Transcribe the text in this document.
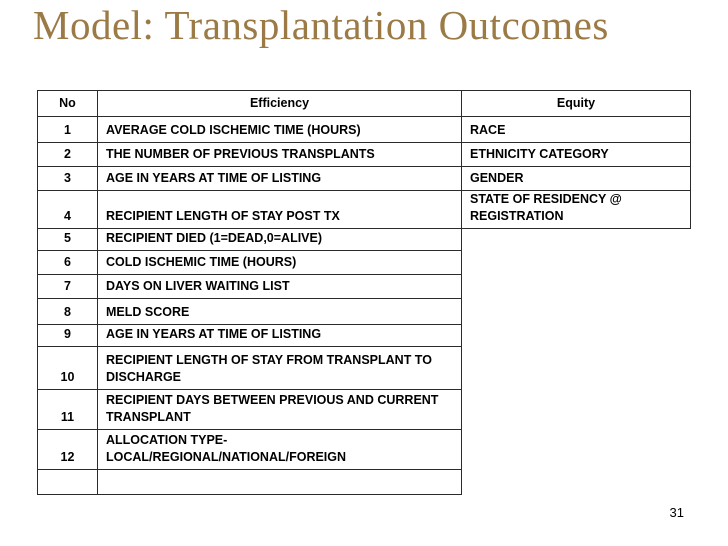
Model: Transplantation Outcomes
No	Efficiency	Equity
1	AVERAGE COLD ISCHEMIC TIME (HOURS)	RACE
2	THE NUMBER OF PREVIOUS TRANSPLANTS	ETHNICITY CATEGORY
3	AGE IN YEARS AT TIME OF LISTING	GENDER
4	RECIPIENT LENGTH OF STAY POST TX	STATE OF RESIDENCY @ REGISTRATION
5	RECIPIENT DIED (1=DEAD,0=ALIVE)	
6	COLD ISCHEMIC TIME (HOURS)	
7	DAYS ON LIVER WAITING LIST	
8	MELD SCORE	
9	AGE IN YEARS AT TIME OF LISTING	
10	RECIPIENT LENGTH OF STAY FROM TRANSPLANT TO DISCHARGE	
11	RECIPIENT DAYS BETWEEN PREVIOUS AND CURRENT TRANSPLANT	
12	ALLOCATION TYPE-LOCAL/REGIONAL/NATIONAL/FOREIGN	

31
